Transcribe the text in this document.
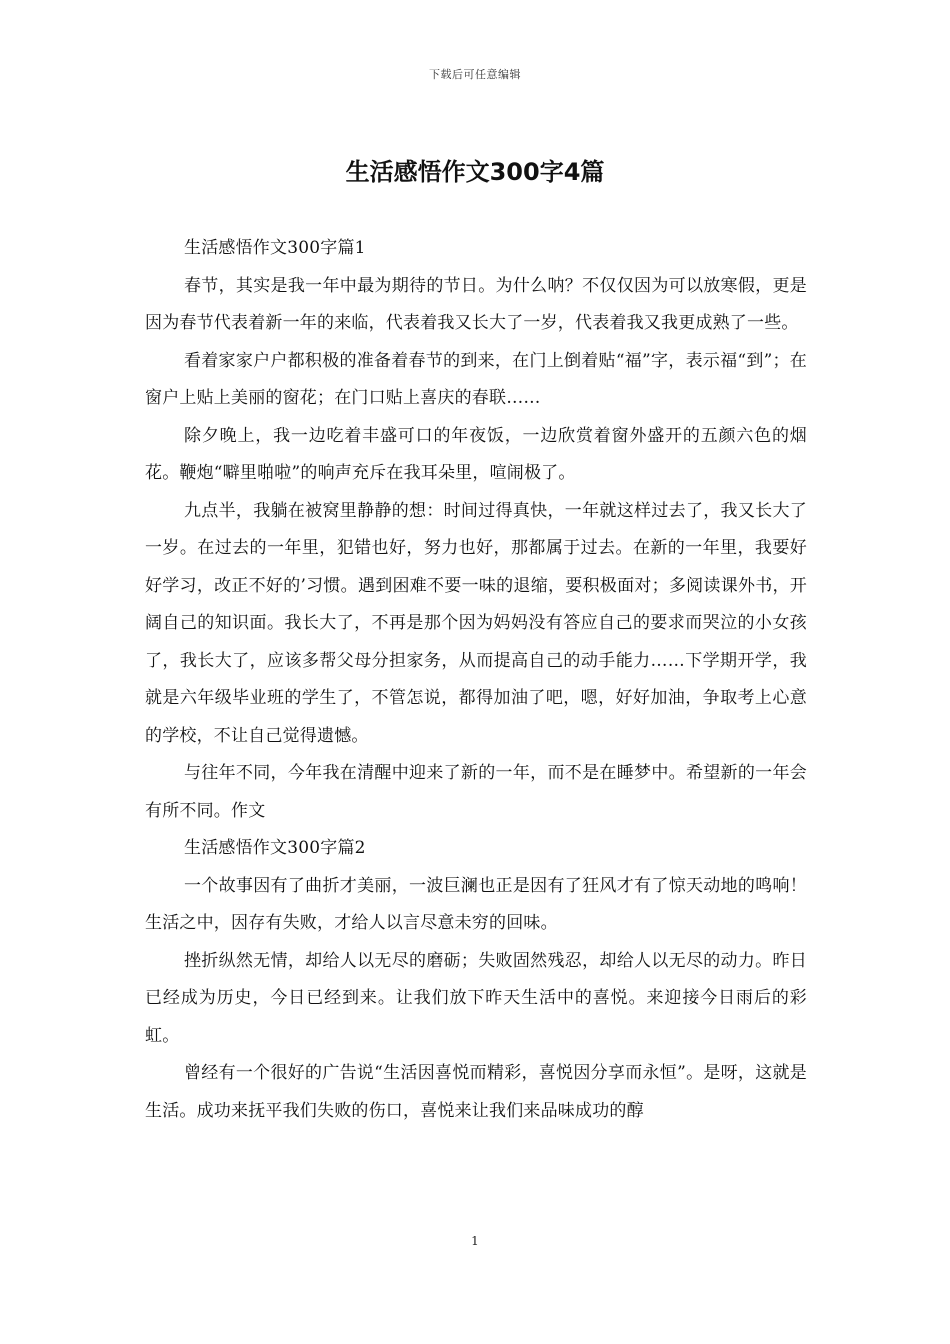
下载后可任意编辑
生活感悟作文300字4篇

生活感悟作文300字篇1

春节，其实是我一年中最为期待的节日。为什么呐？不仅仅因为可以放寒假，更是因为春节代表着新一年的来临，代表着我又长大了一岁，代表着我又我更成熟了一些。

看着家家户户都积极的准备着春节的到来，在门上倒着贴“福”字，表示福“到”；在窗户上贴上美丽的窗花；在门口贴上喜庆的春联……

除夕晚上，我一边吃着丰盛可口的年夜饭，一边欣赏着窗外盛开的五颜六色的烟花。鞭炮“噼里啪啦”的响声充斥在我耳朵里，喧闹极了。

九点半，我躺在被窝里静静的想：时间过得真快，一年就这样过去了，我又长大了一岁。在过去的一年里，犯错也好，努力也好，那都属于过去。在新的一年里，我要好好学习，改正不好的’习惯。遇到困难不要一味的退缩，要积极面对；多阅读课外书，开阔自己的知识面。我长大了，不再是那个因为妈妈没有答应自己的要求而哭泣的小女孩了，我长大了，应该多帮父母分担家务，从而提高自己的动手能力……下学期开学，我就是六年级毕业班的学生了，不管怎说，都得加油了吧，嗯，好好加油，争取考上心意的学校，不让自己觉得遗憾。

与往年不同，今年我在清醒中迎来了新的一年，而不是在睡梦中。希望新的一年会有所不同。作文

生活感悟作文300字篇2

一个故事因有了曲折才美丽，一波巨澜也正是因有了狂风才有了惊天动地的鸣响！生活之中，因存有失败，才给人以言尽意未穷的回味。

挫折纵然无情，却给人以无尽的磨砺；失败固然残忍，却给人以无尽的动力。昨日已经成为历史，今日已经到来。让我们放下昨天生活中的喜悦。来迎接今日雨后的彩虹。

曾经有一个很好的广告说“生活因喜悦而精彩，喜悦因分享而永恒”。是呀，这就是生活。成功来抚平我们失败的伤口，喜悦来让我们来品味成功的醇

1
